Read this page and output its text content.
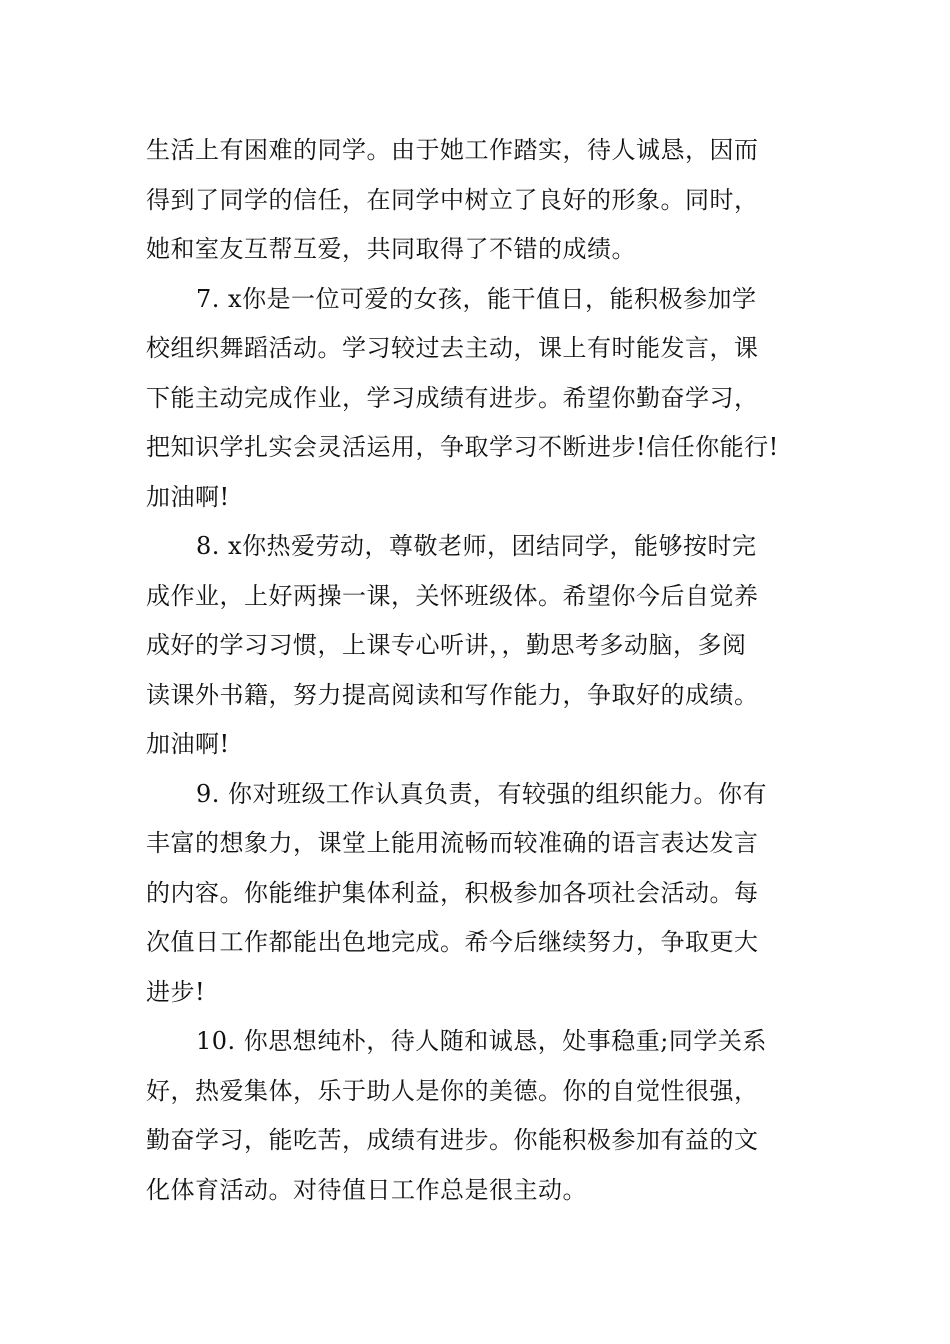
生活上有困难的同学。由于她工作踏实，待人诚恳，因而
得到了同学的信任，在同学中树立了良好的形象。同时，
她和室友互帮互爱，共同取得了不错的成绩。

7. x你是一位可爱的女孩，能干值日，能积极参加学
校组织舞蹈活动。学习较过去主动，课上有时能发言，课
下能主动完成作业，学习成绩有进步。希望你勤奋学习，
把知识学扎实会灵活运用，争取学习不断进步!信任你能行!
加油啊!

8. x你热爱劳动，尊敬老师，团结同学，能够按时完
成作业，上好两操一课，关怀班级体。希望你今后自觉养
成好的学习习惯，上课专心听讲，，勤思考多动脑，多阅
读课外书籍，努力提高阅读和写作能力，争取好的成绩。
加油啊!

9. 你对班级工作认真负责，有较强的组织能力。你有
丰富的想象力，课堂上能用流畅而较准确的语言表达发言
的内容。你能维护集体利益，积极参加各项社会活动。每
次值日工作都能出色地完成。希今后继续努力，争取更大
进步!

10. 你思想纯朴，待人随和诚恳，处事稳重;同学关系
好，热爱集体，乐于助人是你的美德。你的自觉性很强，
勤奋学习，能吃苦，成绩有进步。你能积极参加有益的文
化体育活动。对待值日工作总是很主动。
